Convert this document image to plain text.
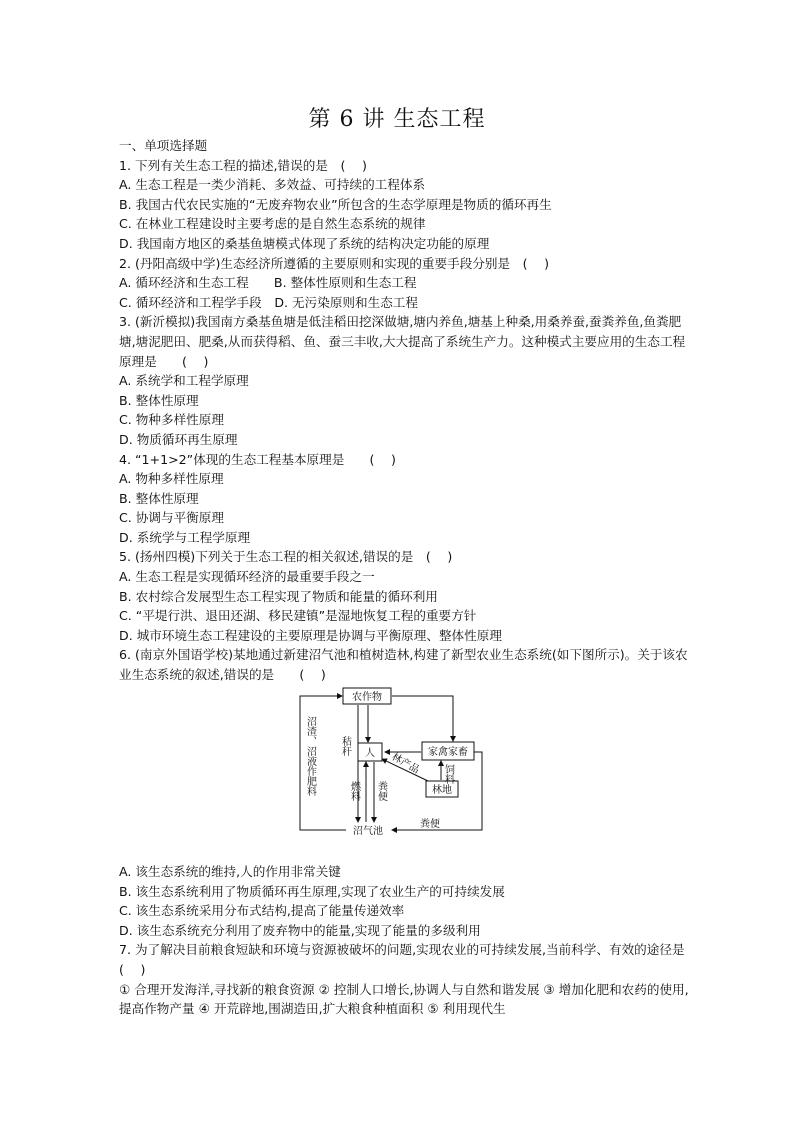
第 6 讲 生态工程

一、单项选择题

1. 下列有关生态工程的描述,错误的是　( 　)

A. 生态工程是一类少消耗、多效益、可持续的工程体系

B. 我国古代农民实施的“无废弃物农业”所包含的生态学原理是物质的循环再生

C. 在林业工程建设时主要考虑的是自然生态系统的规律

D. 我国南方地区的桑基鱼塘模式体现了系统的结构决定功能的原理

2. (丹阳高级中学)生态经济所遵循的主要原则和实现的重要手段分别是　( 　)

A. 循环经济和生态工程　　B. 整体性原则和生态工程

C. 循环经济和工程学手段　D. 无污染原则和生态工程

3. (新沂模拟)我国南方桑基鱼塘是低洼稻田挖深做塘,塘内养鱼,塘基上种桑,用桑养蚕,蚕粪养鱼,鱼粪肥塘,塘泥肥田、肥桑,从而获得稻、鱼、蚕三丰收,大大提高了系统生产力。这种模式主要应用的生态工程原理是　　( 　)

A. 系统学和工程学原理

B. 整体性原理

C. 物种多样性原理

D. 物质循环再生原理

4. “1+1>2”体现的生态工程基本原理是　　( 　)

A. 物种多样性原理

B. 整体性原理

C. 协调与平衡原理

D. 系统学与工程学原理

5. (扬州四模)下列关于生态工程的相关叙述,错误的是　( 　)

A. 生态工程是实现循环经济的最重要手段之一

B. 农村综合发展型生态工程实现了物质和能量的循环利用

C. “平堤行洪、退田还湖、移民建镇”是湿地恢复工程的重要方针

D. 城市环境生态工程建设的主要原理是协调与平衡原理、整体性原理

6. (南京外国语学校)某地通过新建沼气池和植树造林,构建了新型农业生态系统(如下图所示)。关于该农业生态系统的叙述,错误的是　　( 　)

农作物
人	家禽家畜
林地
沼气池
沼渣、沼液作肥料 秸秆
燃料 粪便
饲料
林产品
粪便

A. 该生态系统的维持,人的作用非常关键

B. 该生态系统利用了物质循环再生原理,实现了农业生产的可持续发展

C. 该生态系统采用分布式结构,提高了能量传递效率

D. 该生态系统充分利用了废弃物中的能量,实现了能量的多级利用

7. 为了解决目前粮食短缺和环境与资源被破坏的问题,实现农业的可持续发展,当前科学、有效的途径是　(　 )

① 合理开发海洋,寻找新的粮食资源 ② 控制人口增长,协调人与自然和谐发展 ③ 增加化肥和农药的使用,提高作物产量 ④ 开荒辟地,围湖造田,扩大粮食种植面积 ⑤ 利用现代生
